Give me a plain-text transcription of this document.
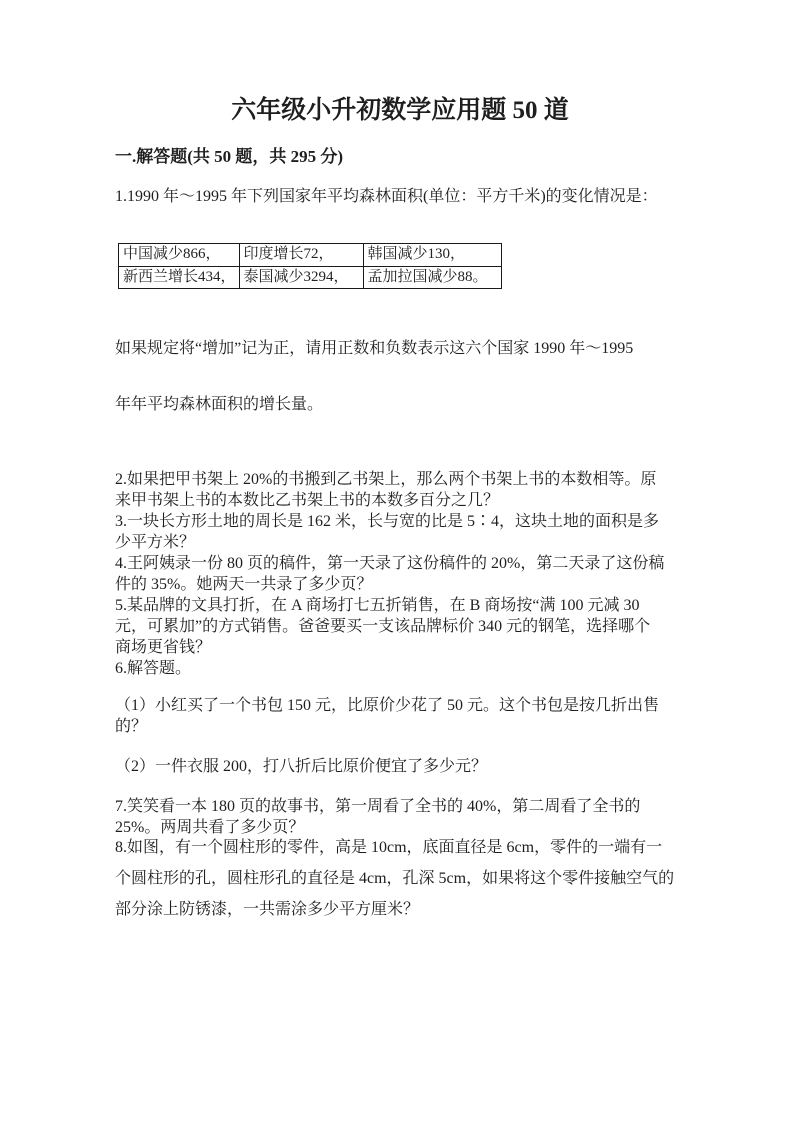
六年级小升初数学应用题 50 道
一.解答题(共 50 题，共 295 分)
1.1990 年～1995 年下列国家年平均森林面积(单位：平方千米)的变化情况是：
中国减少866，	印度增长72，	韩国减少130，
新西兰增长434，	泰国减少3294，	孟加拉国减少88。
如果规定将“增加”记为正，请用正数和负数表示这六个国家 1990 年～1995
年年平均森林面积的增长量。
2.如果把甲书架上 20%的书搬到乙书架上，那么两个书架上书的本数相等。原
来甲书架上书的本数比乙书架上书的本数多百分之几？
3.一块长方形土地的周长是 162 米，长与宽的比是 5∶4，这块土地的面积是多
少平方米？
4.王阿姨录一份 80 页的稿件，第一天录了这份稿件的 20%，第二天录了这份稿
件的 35%。她两天一共录了多少页？
5.某品牌的文具打折，在 A 商场打七五折销售，在 B 商场按“满 100 元减 30
元，可累加”的方式销售。爸爸要买一支该品牌标价 340 元的钢笔，选择哪个
商场更省钱？
6.解答题。
（1）小红买了一个书包 150 元，比原价少花了 50 元。这个书包是按几折出售
的？
（2）一件衣服 200，打八折后比原价便宜了多少元？
7.笑笑看一本 180 页的故事书，第一周看了全书的 40%，第二周看了全书的
25%。两周共看了多少页？
8.如图，有一个圆柱形的零件，高是 10cm，底面直径是 6cm，零件的一端有一
个圆柱形的孔，圆柱形孔的直径是 4cm，孔深 5cm，如果将这个零件接触空气的
部分涂上防锈漆，一共需涂多少平方厘米？
